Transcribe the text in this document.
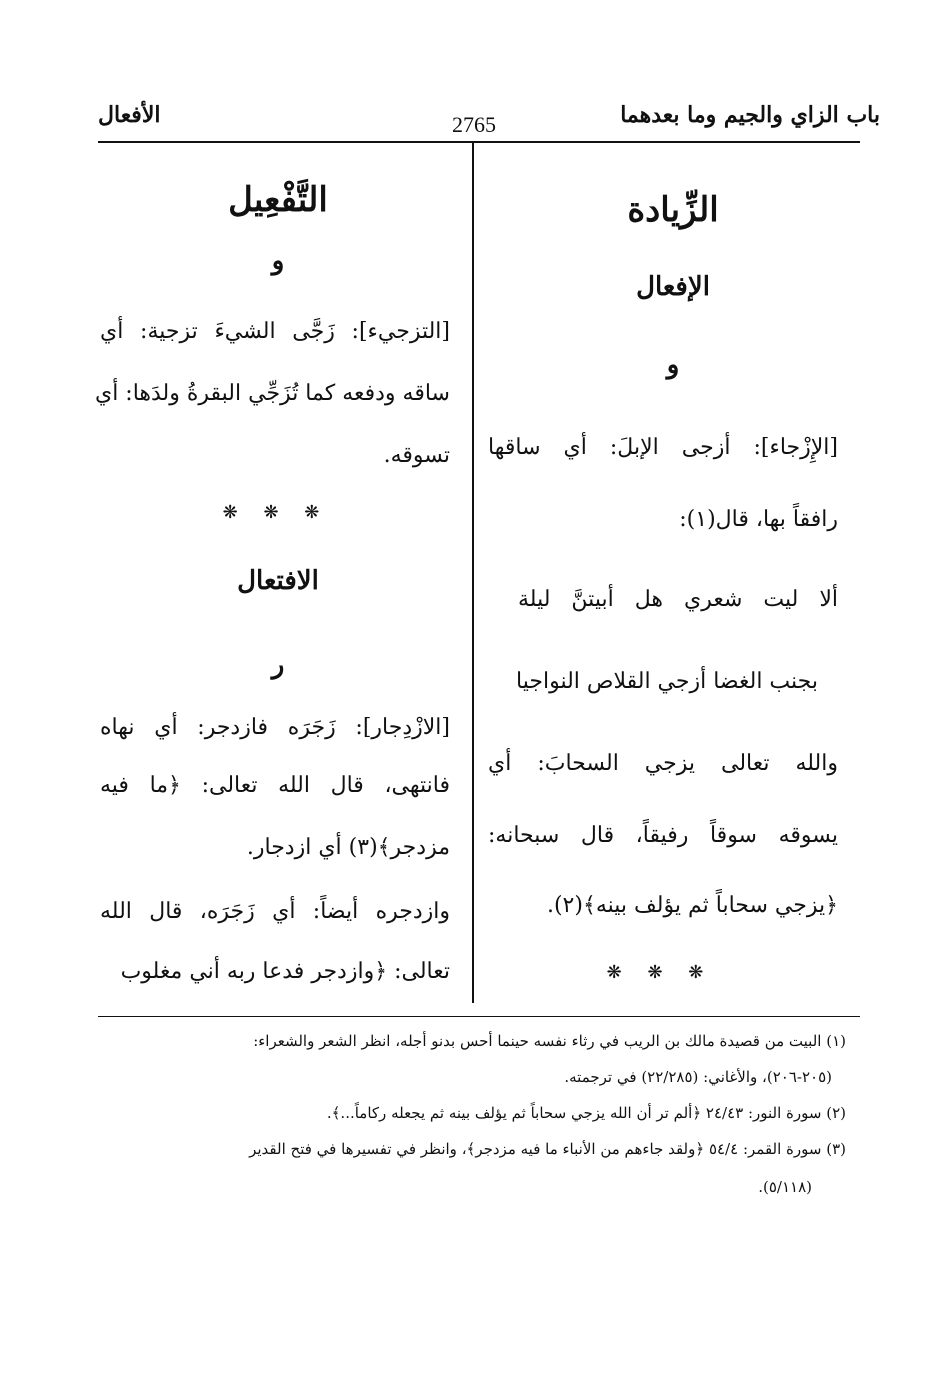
باب الزاي والجيم وما بعدهما
2765
الأفعال
الزِّيادة
الإفعال
و
[الإِزْجاء]: أزجى الإبلَ: أي ساقها
رافقاً بها، قال(١):
ألا ليت شعري هل أبيتنَّ ليلة
بجنب الغضا أزجي القلاص النواجيا
والله تعالى يزجي السحابَ: أي
يسوقه سوقاً رفيقاً، قال سبحانه:
﴿يزجي سحاباً ثم يؤلف بينه﴾(٢).
❋ ❋ ❋
التَّفْعِيل
و
[التزجيء]: زَجَّى الشيءَ تزجية: أي
ساقه ودفعه كما تُزَجِّي البقرةُ ولدَها: أي
تسوقه.
❋ ❋ ❋
الافتعال
ر
[الازْدِجار]: زَجَرَه فازدجر: أي نهاه
فانتهى، قال الله تعالى: ﴿ما فيه
مزدجر﴾(٣) أي ازدجار.
وازدجره أيضاً: أي زَجَرَه، قال الله
تعالى: ﴿وازدجر فدعا ربه أني مغلوب
(١) البيت من قصيدة مالك بن الريب في رثاء نفسه حينما أحس بدنو أجله، انظر الشعر والشعراء:
(٢٠٥-٢٠٦)، والأغاني: (٢٢/٢٨٥) في ترجمته.
(٢) سورة النور: ٢٤/٤٣ ﴿ألم تر أن الله يزجي سحاباً ثم يؤلف بينه ثم يجعله ركاماً...﴾.
(٣) سورة القمر: ٥٤/٤ ﴿ولقد جاءهم من الأنباء ما فيه مزدجر﴾، وانظر في تفسيرها في فتح القدير
(٥/١١٨).
